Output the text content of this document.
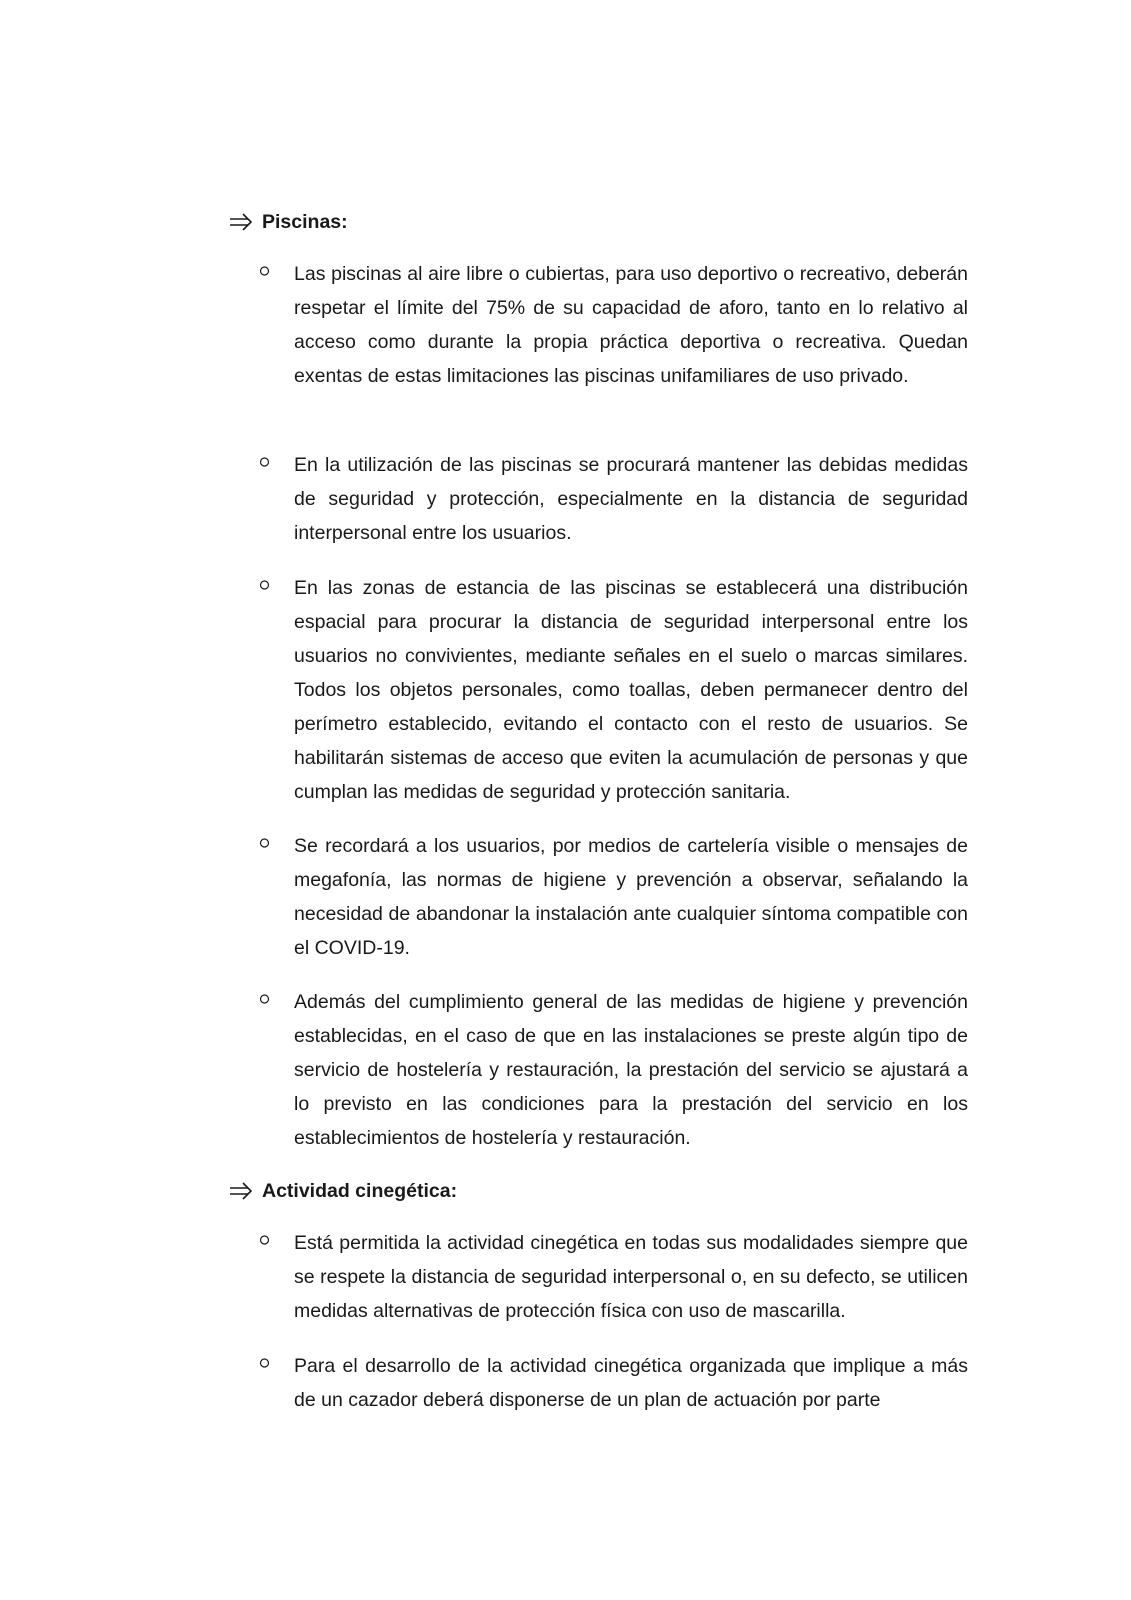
Piscinas:

Las piscinas al aire libre o cubiertas, para uso deportivo o recreativo, deberán respetar el límite del 75% de su capacidad de aforo, tanto en lo relativo al acceso como durante la propia práctica deportiva o recreativa. Quedan exentas de estas limitaciones las piscinas unifamiliares de uso privado.

En la utilización de las piscinas se procurará mantener las debidas medidas de seguridad y protección, especialmente en la distancia de seguridad interpersonal entre los usuarios.

En las zonas de estancia de las piscinas se establecerá una distribución espacial para procurar la distancia de seguridad interpersonal entre los usuarios no convivientes, mediante señales en el suelo o marcas similares. Todos los objetos personales, como toallas, deben permanecer dentro del perímetro establecido, evitando el contacto con el resto de usuarios. Se habilitarán sistemas de acceso que eviten la acumulación de personas y que cumplan las medidas de seguridad y protección sanitaria.

Se recordará a los usuarios, por medios de cartelería visible o mensajes de megafonía, las normas de higiene y prevención a observar, señalando la necesidad de abandonar la instalación ante cualquier síntoma compatible con el COVID-19.

Además del cumplimiento general de las medidas de higiene y prevención establecidas, en el caso de que en las instalaciones se preste algún tipo de servicio de hostelería y restauración, la prestación del servicio se ajustará a lo previsto en las condiciones para la prestación del servicio en los establecimientos de hostelería y restauración.

Actividad cinegética:

Está permitida la actividad cinegética en todas sus modalidades siempre que se respete la distancia de seguridad interpersonal o, en su defecto, se utilicen medidas alternativas de protección física con uso de mascarilla.

Para el desarrollo de la actividad cinegética organizada que implique a más de un cazador deberá disponerse de un plan de actuación por parte
